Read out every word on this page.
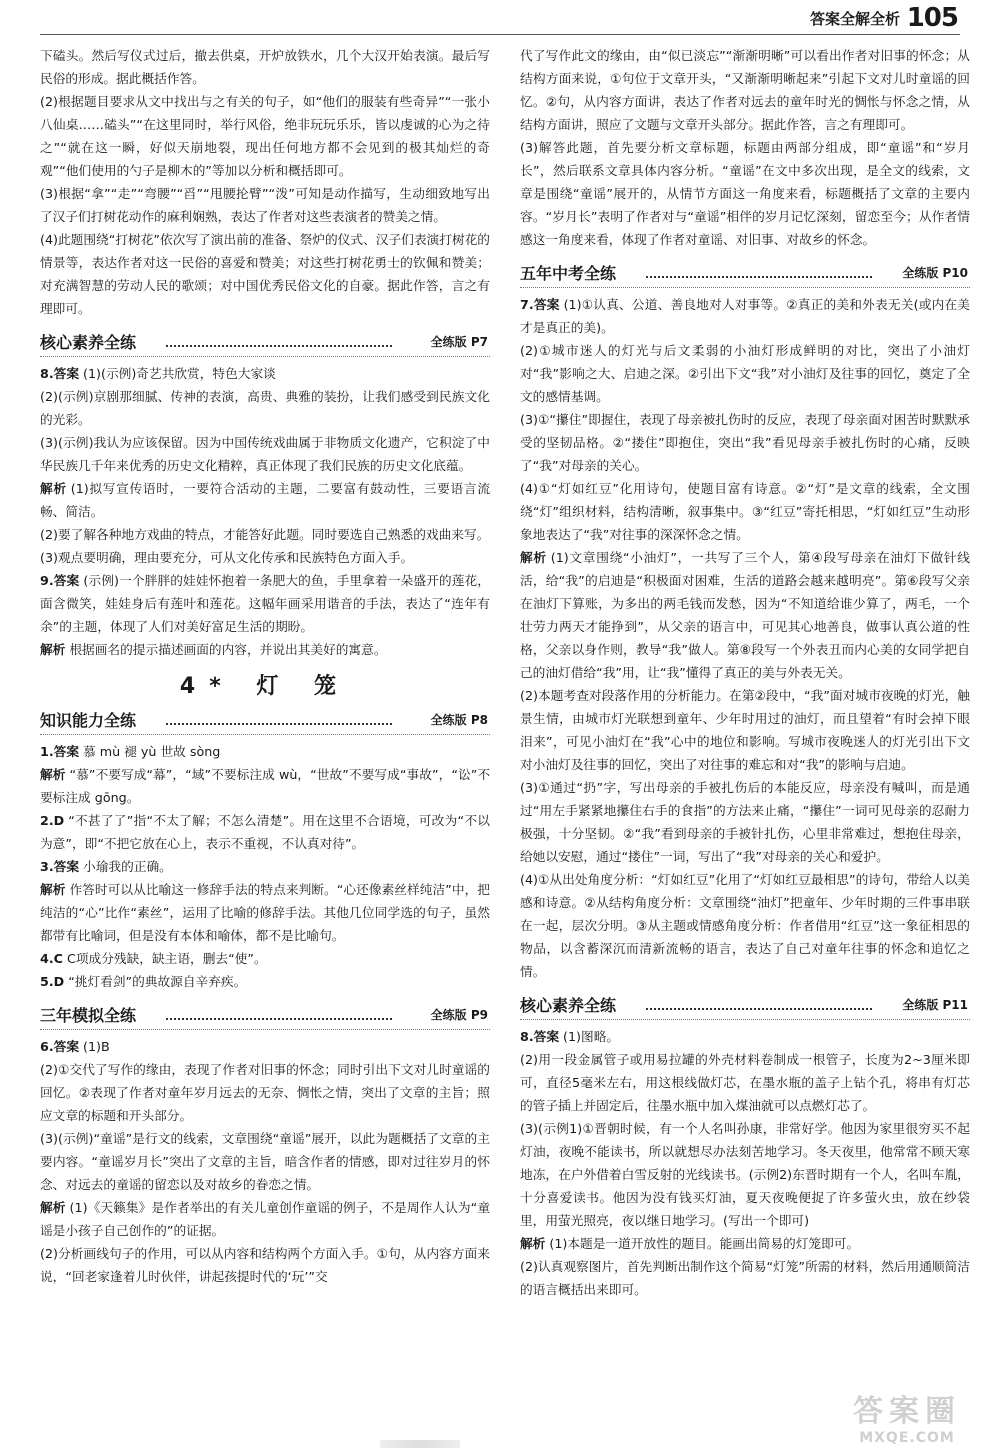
答案全解全析 105

下磕头。然后写仪式过后，撤去供桌，开炉放铁水，几个大汉开始表演。最后写民俗的形成。据此概括作答。

(2)根据题目要求从文中找出与之有关的句子，如“他们的服装有些奇异”“一张小八仙桌……磕头”“在这里同时，举行风俗，绝非玩玩乐乐，皆以虔诚的心为之待之”“就在这一瞬，好似天崩地裂，现出任何地方都不会见到的极其灿烂的奇观”“他们使用的勺子是柳木的”等加以分析和概括即可。

(3)根据“拿”“走”“弯腰”“舀”“甩腰抡臂”“泼”可知是动作描写，生动细致地写出了汉子们打树花动作的麻利娴熟，表达了作者对这些表演者的赞美之情。

(4)此题围绕“打树花”依次写了演出前的准备、祭炉的仪式、汉子们表演打树花的情景等，表达作者对这一民俗的喜爱和赞美；对这些打树花勇士的钦佩和赞美；对充满智慧的劳动人民的歌颂；对中国优秀民俗文化的自豪。据此作答，言之有理即可。

核心素养全练	全练版 P7

8.答案 (1)(示例)奇艺共欣赏，特色大家谈

(2)(示例)京剧那细腻、传神的表演，高贵、典雅的装扮，让我们感受到民族文化的光彩。

(3)(示例)我认为应该保留。因为中国传统戏曲属于非物质文化遗产，它积淀了中华民族几千年来优秀的历史文化精粹，真正体现了我们民族的历史文化底蕴。

解析 (1)拟写宣传语时，一要符合活动的主题，二要富有鼓动性，三要语言流畅、简洁。

(2)要了解各种地方戏曲的特点，才能答好此题。同时要选自己熟悉的戏曲来写。

(3)观点要明确，理由要充分，可从文化传承和民族特色方面入手。

9.答案 (示例)一个胖胖的娃娃怀抱着一条肥大的鱼，手里拿着一朵盛开的莲花，面含微笑，娃娃身后有莲叶和莲花。这幅年画采用谐音的手法，表达了“连年有余”的主题，体现了人们对美好富足生活的期盼。

解析 根据画名的提示描述画面的内容，并说出其美好的寓意。

4* 灯 笼
知识能力全练	全练版 P8

1.答案 慕 mù 褪 yù 世故 sòng

解析 “慕”不要写成“幕”，“域”不要标注成 wù，“世故”不要写成“事故”，“讼”不要标注成 gōng。

2.D “不甚了了”指“不太了解；不怎么清楚”。用在这里不合语境，可改为“不以为意”，即“不把它放在心上，表示不重视，不认真对待”。

3.答案 小瑜我的正确。

解析 作答时可以从比喻这一修辞手法的特点来判断。“心还像素丝样纯洁”中，把纯洁的“心”比作“素丝”，运用了比喻的修辞手法。其他几位同学选的句子，虽然都带有比喻词，但是没有本体和喻体，都不是比喻句。

4.C C项成分残缺，缺主语，删去“使”。

5.D “挑灯看剑”的典故源自辛弃疾。

三年模拟全练	全练版 P9

6.答案 (1)B

(2)①交代了写作的缘由，表现了作者对旧事的怀念；同时引出下文对儿时童谣的回忆。②表现了作者对童年岁月远去的无奈、惆怅之情，突出了文章的主旨；照应文章的标题和开头部分。

(3)(示例)“童谣”是行文的线索，文章围绕“童谣”展开，以此为题概括了文章的主要内容。“童谣岁月长”突出了文章的主旨，暗含作者的情感，即对过往岁月的怀念、对远去的童谣的留恋以及对故乡的眷恋之情。

解析 (1)《天籁集》是作者举出的有关儿童创作童谣的例子，不是周作人认为“童谣是小孩子自己创作的”的证据。

(2)分析画线句子的作用，可以从内容和结构两个方面入手。①句，从内容方面来说，“回老家逢着儿时伙伴，讲起孩提时代的‘玩’”交

代了写作此文的缘由，由“似已淡忘”“渐渐明晰”可以看出作者对旧事的怀念；从结构方面来说，①句位于文章开头，“又渐渐明晰起来”引起下文对儿时童谣的回忆。②句，从内容方面讲，表达了作者对远去的童年时光的惆怅与怀念之情，从结构方面讲，照应了文题与文章开头部分。据此作答，言之有理即可。

(3)解答此题，首先要分析文章标题，标题由两部分组成，即“童谣”和“岁月长”，然后联系文章具体内容分析。“童谣”在文中多次出现，是全文的线索，文章是围绕“童谣”展开的，从情节方面这一角度来看，标题概括了文章的主要内容。“岁月长”表明了作者对与“童谣”相伴的岁月记忆深刻，留恋至今；从作者情感这一角度来看，体现了作者对童谣、对旧事、对故乡的怀念。

五年中考全练	全练版 P10

7.答案 (1)①认真、公道、善良地对人对事等。②真正的美和外表无关(或内在美才是真正的美)。

(2)①城市迷人的灯光与后文柔弱的小油灯形成鲜明的对比，突出了小油灯对“我”影响之大、启迪之深。②引出下文“我”对小油灯及往事的回忆，奠定了全文的感情基调。

(3)①“攥住”即握住，表现了母亲被扎伤时的反应，表现了母亲面对困苦时默默承受的坚韧品格。②“搂住”即抱住，突出“我”看见母亲手被扎伤时的心痛，反映了“我”对母亲的关心。

(4)①“灯如红豆”化用诗句，使题目富有诗意。②“灯”是文章的线索，全文围绕“灯”组织材料，结构清晰，叙事集中。③“红豆”寄托相思，“灯如红豆”生动形象地表达了“我”对往事的深深怀念之情。

解析 (1)文章围绕“小油灯”，一共写了三个人，第④段写母亲在油灯下做针线活，给“我”的启迪是“积极面对困难，生活的道路会越来越明亮”。第⑥段写父亲在油灯下算账，为多出的两毛钱而发愁，因为“不知道给谁少算了，两毛，一个壮劳力两天才能挣到”，从父亲的语言中，可见其心地善良，做事认真公道的性格，父亲以身作则，教导“我”做人。第⑧段写一个外表丑而内心美的女同学把自己的油灯借给“我”用，让“我”懂得了真正的美与外表无关。

(2)本题考查对段落作用的分析能力。在第②段中，“我”面对城市夜晚的灯光，触景生情，由城市灯光联想到童年、少年时用过的油灯，而且望着“有时会掉下眼泪来”，可见小油灯在“我”心中的地位和影响。写城市夜晚迷人的灯光引出下文对小油灯及往事的回忆，突出了对往事的难忘和对“我”的影响与启迪。

(3)①通过“扔”字，写出母亲的手被扎伤后的本能反应，母亲没有喊叫，而是通过“用左手紧紧地攥住右手的食指”的方法来止痛，“攥住”一词可见母亲的忍耐力极强，十分坚韧。②“我”看到母亲的手被针扎伤，心里非常难过，想抱住母亲，给她以安慰，通过“搂住”一词，写出了“我”对母亲的关心和爱护。

(4)①从出处角度分析：“灯如红豆”化用了“灯如红豆最相思”的诗句，带给人以美感和诗意。②从结构角度分析：文章围绕“油灯”把童年、少年时期的三件事串联在一起，层次分明。③从主题或情感角度分析：作者借用“红豆”这一象征相思的物品，以含蓄深沉而清新流畅的语言，表达了自己对童年往事的怀念和追忆之情。

核心素养全练	全练版 P11

8.答案 (1)图略。

(2)用一段金属管子或用易拉罐的外壳材料卷制成一根管子，长度为2~3厘米即可，直径5毫米左右，用这根线做灯芯，在墨水瓶的盖子上钻个孔，将串有灯芯的管子插上并固定后，往墨水瓶中加入煤油就可以点燃灯芯了。

(3)(示例1)①晋朝时候，有一个人名叫孙康，非常好学。他因为家里很穷买不起灯油，夜晚不能读书，所以就想尽办法刻苦地学习。冬天夜里，他常常不顾天寒地冻，在户外借着白雪反射的光线读书。(示例2)东晋时期有一个人，名叫车胤，十分喜爱读书。他因为没有钱买灯油，夏天夜晚便捉了许多萤火虫，放在纱袋里，用萤光照亮，夜以继日地学习。(写出一个即可)

解析 (1)本题是一道开放性的题目。能画出简易的灯笼即可。

(2)认真观察图片，首先判断出制作这个简易“灯笼”所需的材料，然后用通顺简洁的语言概括出来即可。

答案圈
MXQE.COM
